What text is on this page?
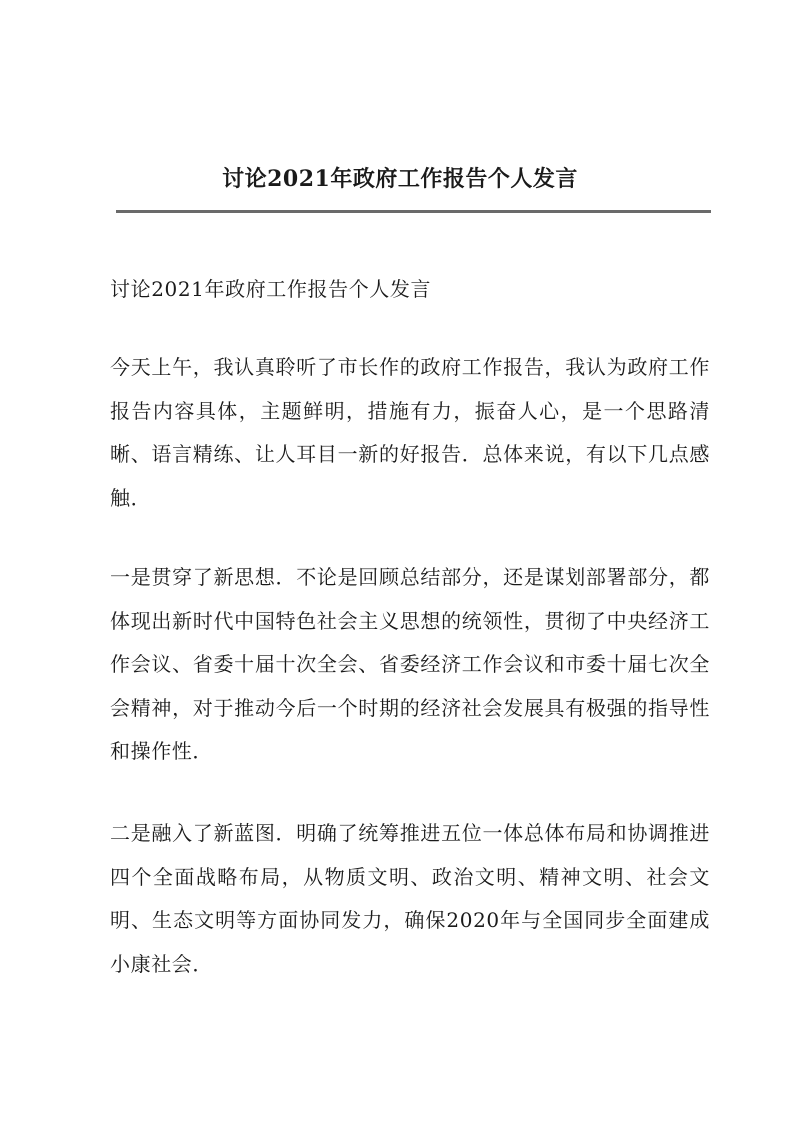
讨论2021年政府工作报告个人发言

讨论2021年政府工作报告个人发言

今天上午，我认真聆听了市长作的政府工作报告，我认为政府工作报告内容具体，主题鲜明，措施有力，振奋人心，是一个思路清晰、语言精练、让人耳目一新的好报告．总体来说，有以下几点感触．

一是贯穿了新思想．不论是回顾总结部分，还是谋划部署部分，都体现出新时代中国特色社会主义思想的统领性，贯彻了中央经济工作会议、省委十届十次全会、省委经济工作会议和市委十届七次全会精神，对于推动今后一个时期的经济社会发展具有极强的指导性和操作性．

二是融入了新蓝图．明确了统筹推进五位一体总体布局和协调推进四个全面战略布局，从物质文明、政治文明、精神文明、社会文明、生态文明等方面协同发力，确保2020年与全国同步全面建成小康社会．
